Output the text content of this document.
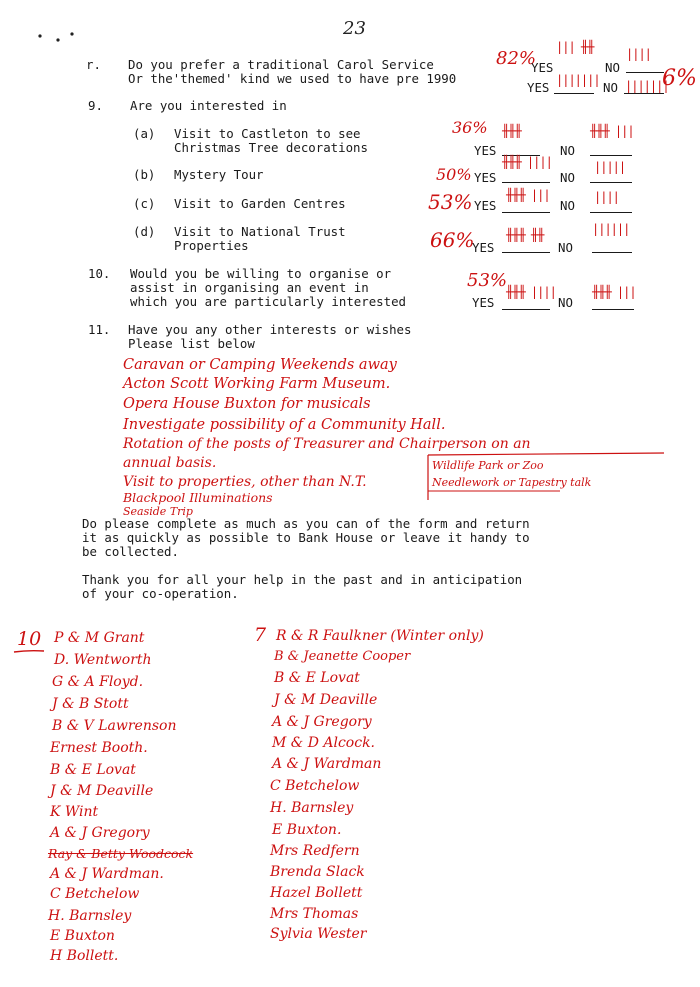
23
r. Do you prefer a traditional Carol Service
Or the'themed' kind we used to have pre 1990
82%
YES
||| ╫╫
NO
||||
YES ||||||| NO |||||||
6%
9. Are you interested in
(a) Visit to Castleton to see
Christmas Tree decorations
36%
YES
╫╫╫
NO
╫╫╫ |||
(b) Mystery Tour	50% YES
╫╫╫ ||||
NO
|||||
(c) Visit to Garden Centres	53% YES
╫╫╫ |||
NO
||||
(d) Visit to National Trust
Properties	66%
YES
╫╫╫ ╫╫
NO
||||||
10. Would you be willing to organise or
assist in organising an event in
which you are particularly interested
53%
YES
╫╫╫ ||||
NO
╫╫╫ |||
11. Have you any other interests or wishes
Please list below
Caravan or Camping Weekends away
Acton Scott Working Farm Museum.
Opera House Buxton for musicals
Investigate possibility of a Community Hall.
Rotation of the posts of Treasurer and Chairperson on an
annual basis.
Visit to properties, other than N.T.
Blackpool Illuminations
Seaside Trip
Wildlife Park or Zoo
Needlework or Tapestry talk
Do please complete as much as you can of the form and return
it as quickly as possible to Bank House or leave it handy to
be collected.
Thank you for all your help in the past and in anticipation
of your co-operation.
10 P & M Grant
D. Wentworth
G & A Floyd.
J & B Stott
B & V Lawrenson
Ernest Booth.
B & E Lovat
J & M Deaville
K Wint
A & J Gregory
Ray & Betty Woodcock
A & J Wardman.
C Betchelow
H. Barnsley
E Buxton
H Bollett.
7 R & R Faulkner (Winter only)
B & Jeanette Cooper
B & E Lovat
J & M Deaville
A & J Gregory
M & D Alcock.
A & J Wardman
C Betchelow
H. Barnsley
E Buxton.
Mrs Redfern
Brenda Slack
Hazel Bollett
Mrs Thomas
Sylvia Wester
